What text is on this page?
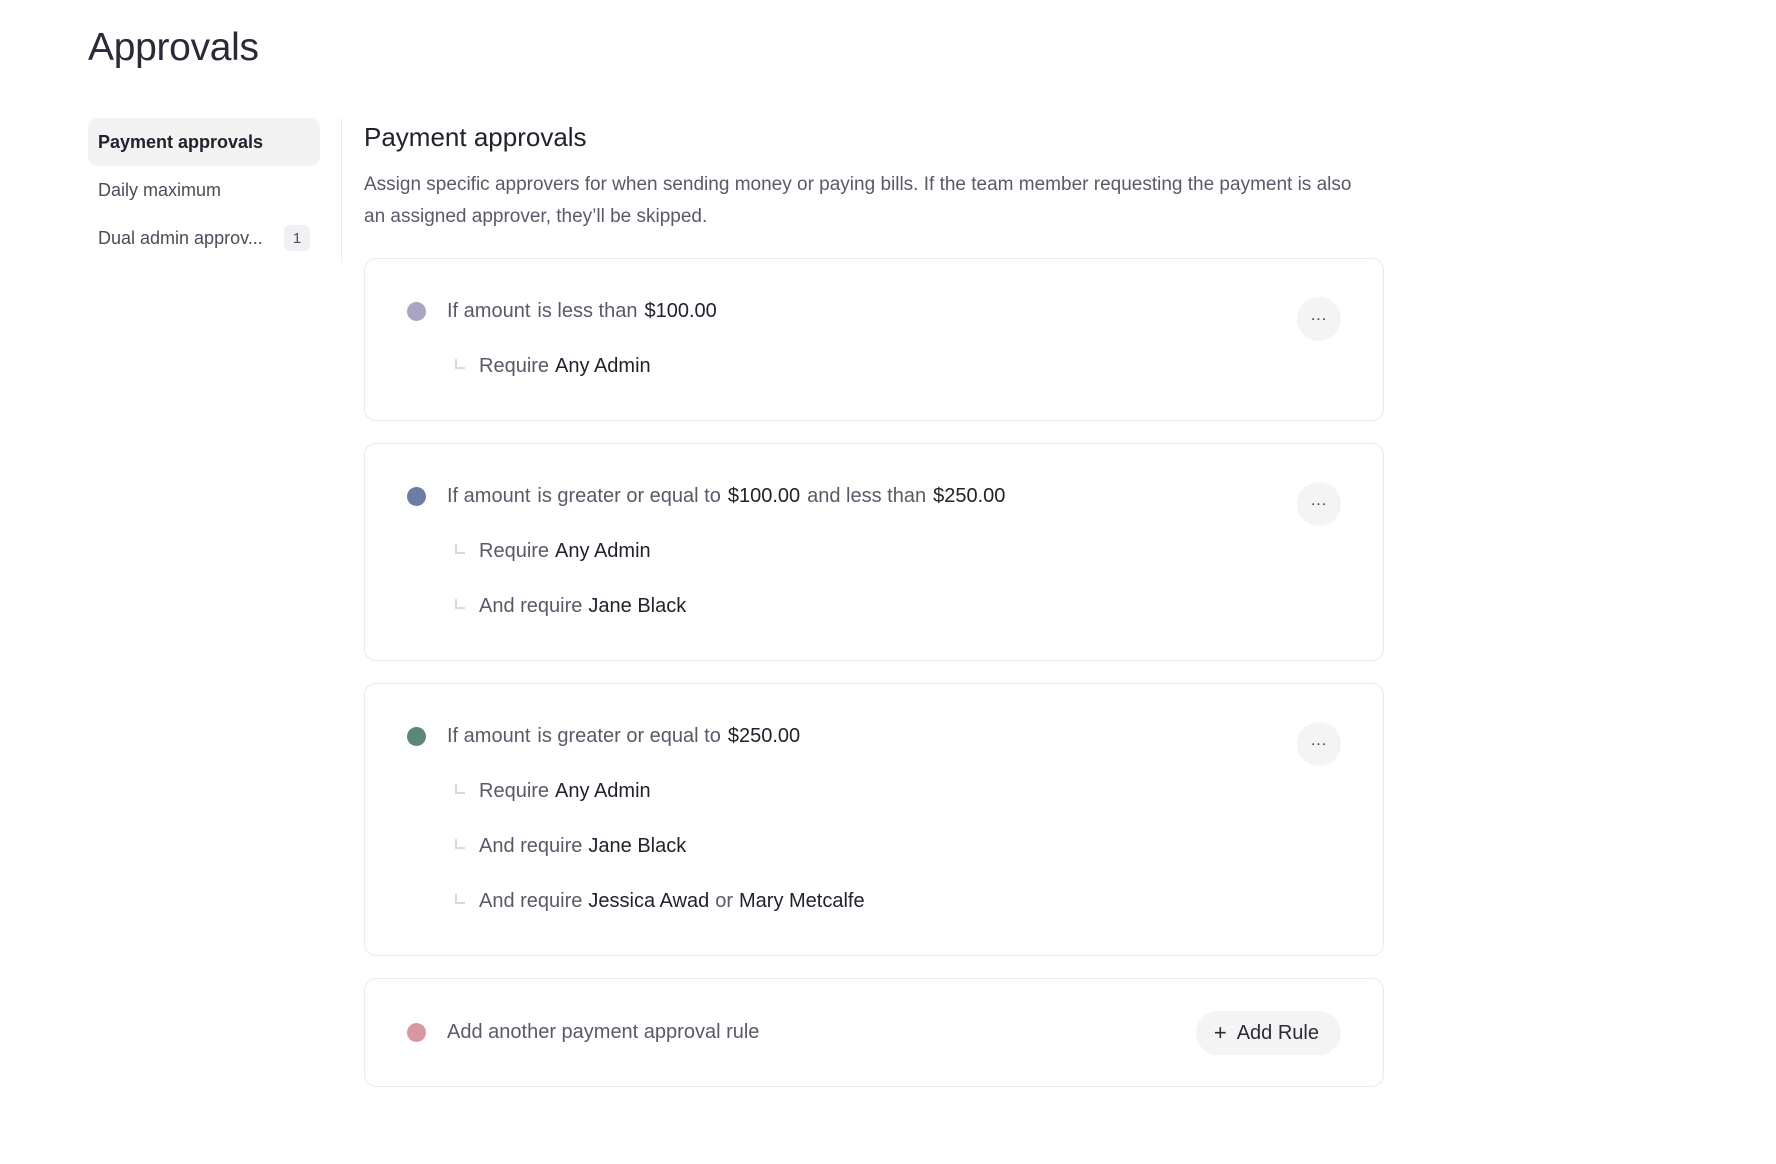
Approvals
Payment approvals
Daily maximum
Dual admin approv...	1
Payment approvals

Assign specific approvers for when sending money or paying bills. If the team member requesting the payment is also an assigned approver, they’ll be skipped.

If amount is less than $100.00
Require Any Admin
...
If amount is greater or equal to $100.00 and less than $250.00
Require Any Admin
And require Jane Black
...
If amount is greater or equal to $250.00
Require Any Admin
And require Jane Black
And require Jessica Awad or Mary Metcalfe
...
Add another payment approval rule	+ Add Rule
